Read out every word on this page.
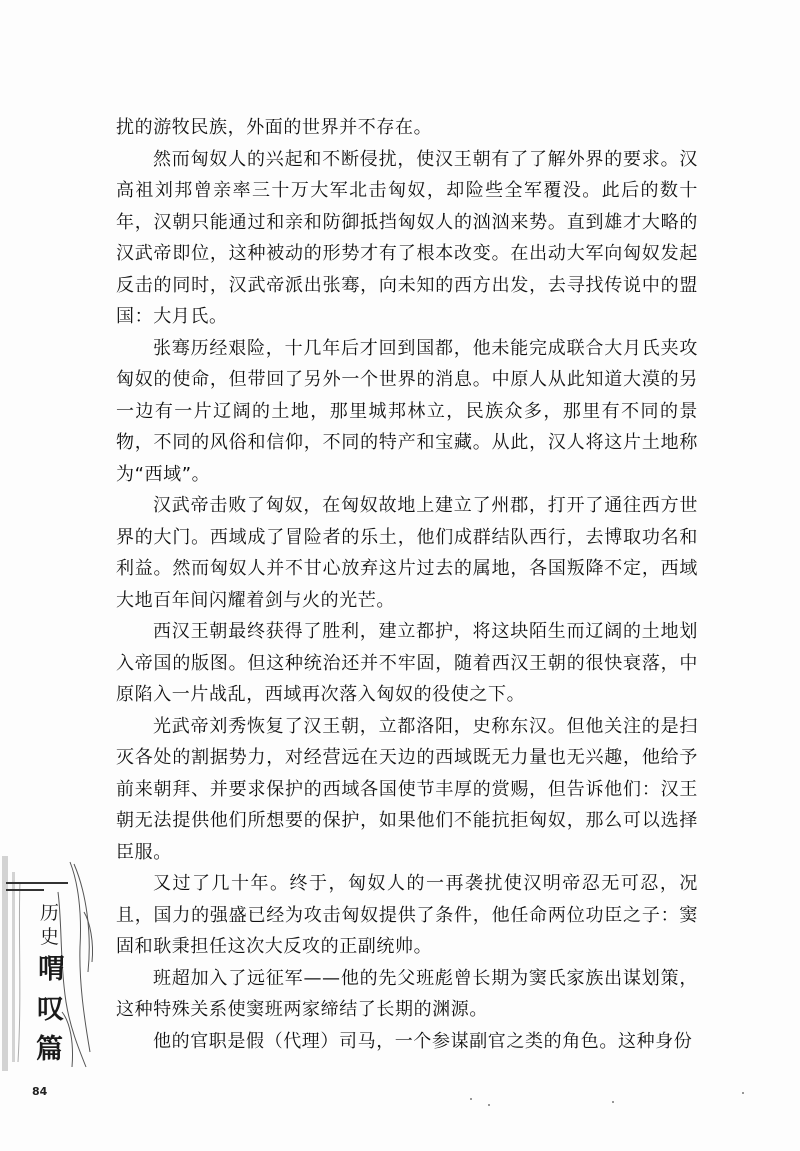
扰的游牧民族，外面的世界并不存在。

然而匈奴人的兴起和不断侵扰，使汉王朝有了了解外界的要求。汉高祖刘邦曾亲率三十万大军北击匈奴，却险些全军覆没。此后的数十年，汉朝只能通过和亲和防御抵挡匈奴人的汹汹来势。直到雄才大略的汉武帝即位，这种被动的形势才有了根本改变。在出动大军向匈奴发起反击的同时，汉武帝派出张骞，向未知的西方出发，去寻找传说中的盟国：大月氏。

张骞历经艰险，十几年后才回到国都，他未能完成联合大月氏夹攻匈奴的使命，但带回了另外一个世界的消息。中原人从此知道大漠的另一边有一片辽阔的土地，那里城邦林立，民族众多，那里有不同的景物，不同的风俗和信仰，不同的特产和宝藏。从此，汉人将这片土地称为“西域”。

汉武帝击败了匈奴，在匈奴故地上建立了州郡，打开了通往西方世界的大门。西域成了冒险者的乐土，他们成群结队西行，去博取功名和利益。然而匈奴人并不甘心放弃这片过去的属地，各国叛降不定，西域大地百年间闪耀着剑与火的光芒。

西汉王朝最终获得了胜利，建立都护，将这块陌生而辽阔的土地划入帝国的版图。但这种统治还并不牢固，随着西汉王朝的很快衰落，中原陷入一片战乱，西域再次落入匈奴的役使之下。

光武帝刘秀恢复了汉王朝，立都洛阳，史称东汉。但他关注的是扫灭各处的割据势力，对经营远在天边的西域既无力量也无兴趣，他给予前来朝拜、并要求保护的西域各国使节丰厚的赏赐，但告诉他们：汉王朝无法提供他们所想要的保护，如果他们不能抗拒匈奴，那么可以选择臣服。

又过了几十年。终于，匈奴人的一再袭扰使汉明帝忍无可忍，况且，国力的强盛已经为攻击匈奴提供了条件，他任命两位功臣之子：窦固和耿秉担任这次大反攻的正副统帅。

班超加入了远征军——他的先父班彪曾长期为窦氏家族出谋划策，这种特殊关系使窦班两家缔结了长期的渊源。

他的官职是假（代理）司马，一个参谋副官之类的角色。这种身份

历
史
喟
叹
篇
84
